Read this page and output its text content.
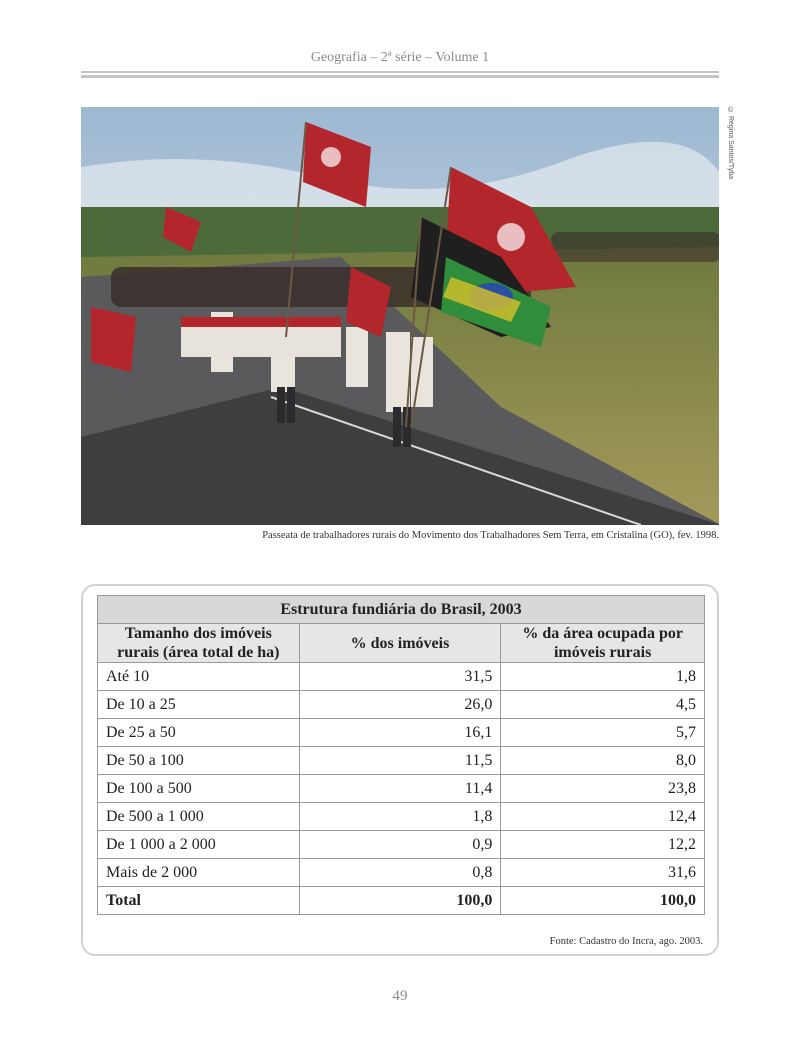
Geografia – 2ª série – Volume 1
© Regina Santos/Tyba
Passeata de trabalhadores rurais do Movimento dos Trabalhadores Sem Terra, em Cristalina (GO), fev. 1998.
Estrutura fundiária do Brasil, 2003		
Tamanho dos imóveis rurais (área total de ha)	% dos imóveis	% da área ocupada por imóveis rurais
Até 10	31,5	1,8
De 10 a 25	26,0	4,5
De 25 a 50	16,1	5,7
De 50 a 100	11,5	8,0
De 100 a 500	11,4	23,8
De 500 a 1 000	1,8	12,4
De 1 000 a 2 000	0,9	12,2
Mais de 2 000	0,8	31,6
Total	100,0	100,0
Fonte: Cadastro do Incra, ago. 2003.
49
